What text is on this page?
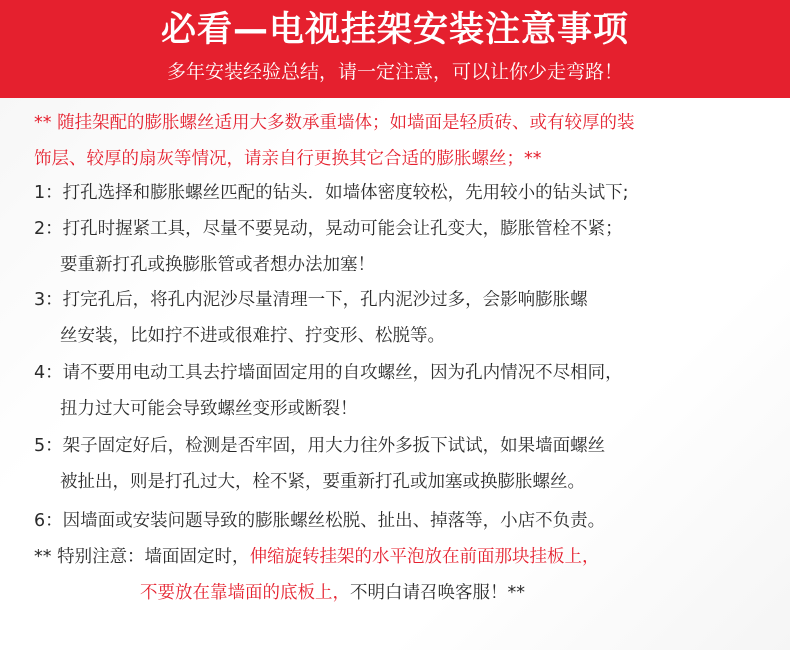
必看—电视挂架安装注意事项
多年安装经验总结，请一定注意，可以让你少走弯路！
** 随挂架配的膨胀螺丝适用大多数承重墙体；如墙面是轻质砖、或有较厚的装
饰层、较厚的扇灰等情况，请亲自行更换其它合适的膨胀螺丝；**
1：打孔选择和膨胀螺丝匹配的钻头．如墙体密度较松，先用较小的钻头试下;
2：打孔时握紧工具，尽量不要晃动，晃动可能会让孔变大，膨胀管栓不紧；
要重新打孔或换膨胀管或者想办法加塞！
3：打完孔后，将孔内泥沙尽量清理一下，孔内泥沙过多，会影响膨胀螺
丝安装，比如拧不进或很难拧、拧变形、松脱等。
4：请不要用电动工具去拧墙面固定用的自攻螺丝，因为孔内情况不尽相同，
扭力过大可能会导致螺丝变形或断裂！
5：架子固定好后，检测是否牢固，用大力往外多扳下试试，如果墙面螺丝
被扯出，则是打孔过大，栓不紧，要重新打孔或加塞或换膨胀螺丝。
6：因墙面或安装问题导致的膨胀螺丝松脱、扯出、掉落等，小店不负责。
** 特别注意：墙面固定时，伸缩旋转挂架的水平泡放在前面那块挂板上，
不要放在靠墙面的底板上，不明白请召唤客服！**
